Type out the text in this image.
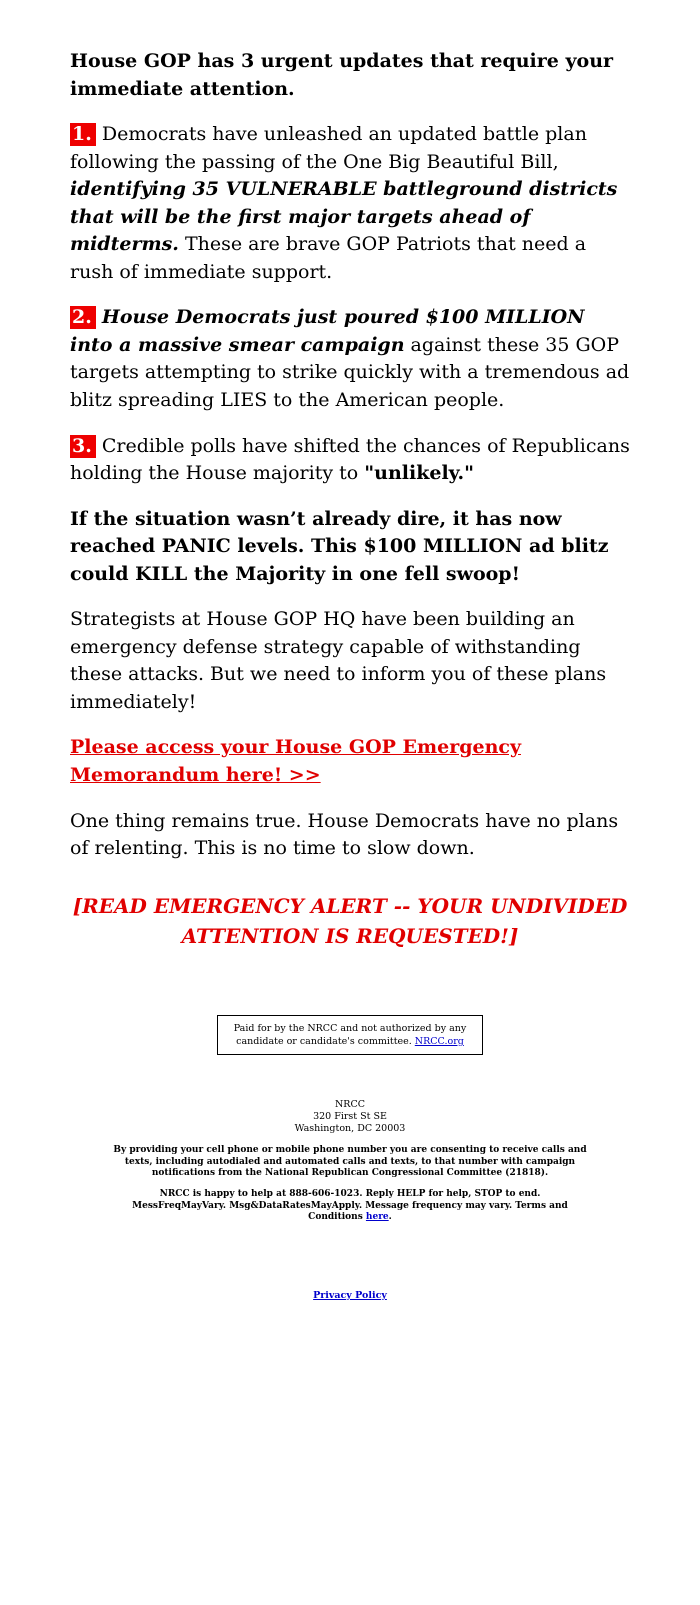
House GOP has 3 urgent updates that require your immediate attention.

1. Democrats have unleashed an updated battle plan following the passing of the One Big Beautiful Bill, identifying 35 VULNERABLE battleground districts that will be the first major targets ahead of midterms. These are brave GOP Patriots that need a rush of immediate support.

2. House Democrats just poured $100 MILLION into a massive smear campaign against these 35 GOP targets attempting to strike quickly with a tremendous ad blitz spreading LIES to the American people.

3. Credible polls have shifted the chances of Republicans holding the House majority to "unlikely."

If the situation wasn’t already dire, it has now reached PANIC levels. This $100 MILLION ad blitz could KILL the Majority in one fell swoop!

Strategists at House GOP HQ have been building an emergency defense strategy capable of withstanding these attacks. But we need to inform you of these plans immediately!

Please access your House GOP Emergency Memorandum here! >>

One thing remains true. House Democrats have no plans of relenting. This is no time to slow down.

[READ EMERGENCY ALERT -- YOUR UNDIVIDED ATTENTION IS REQUESTED!]

Paid for by the NRCC and not authorized by any candidate or candidate's committee. NRCC.org
NRCC
320 First St SE
Washington, DC 20003

By providing your cell phone or mobile phone number you are consenting to receive calls and texts, including autodialed and automated calls and texts, to that number with campaign notifications from the National Republican Congressional Committee (21818).

NRCC is happy to help at 888-606-1023. Reply HELP for help, STOP to end. MessFreqMayVary. Msg&DataRatesMayApply. Message frequency may vary. Terms and Conditions here.

Privacy Policy
